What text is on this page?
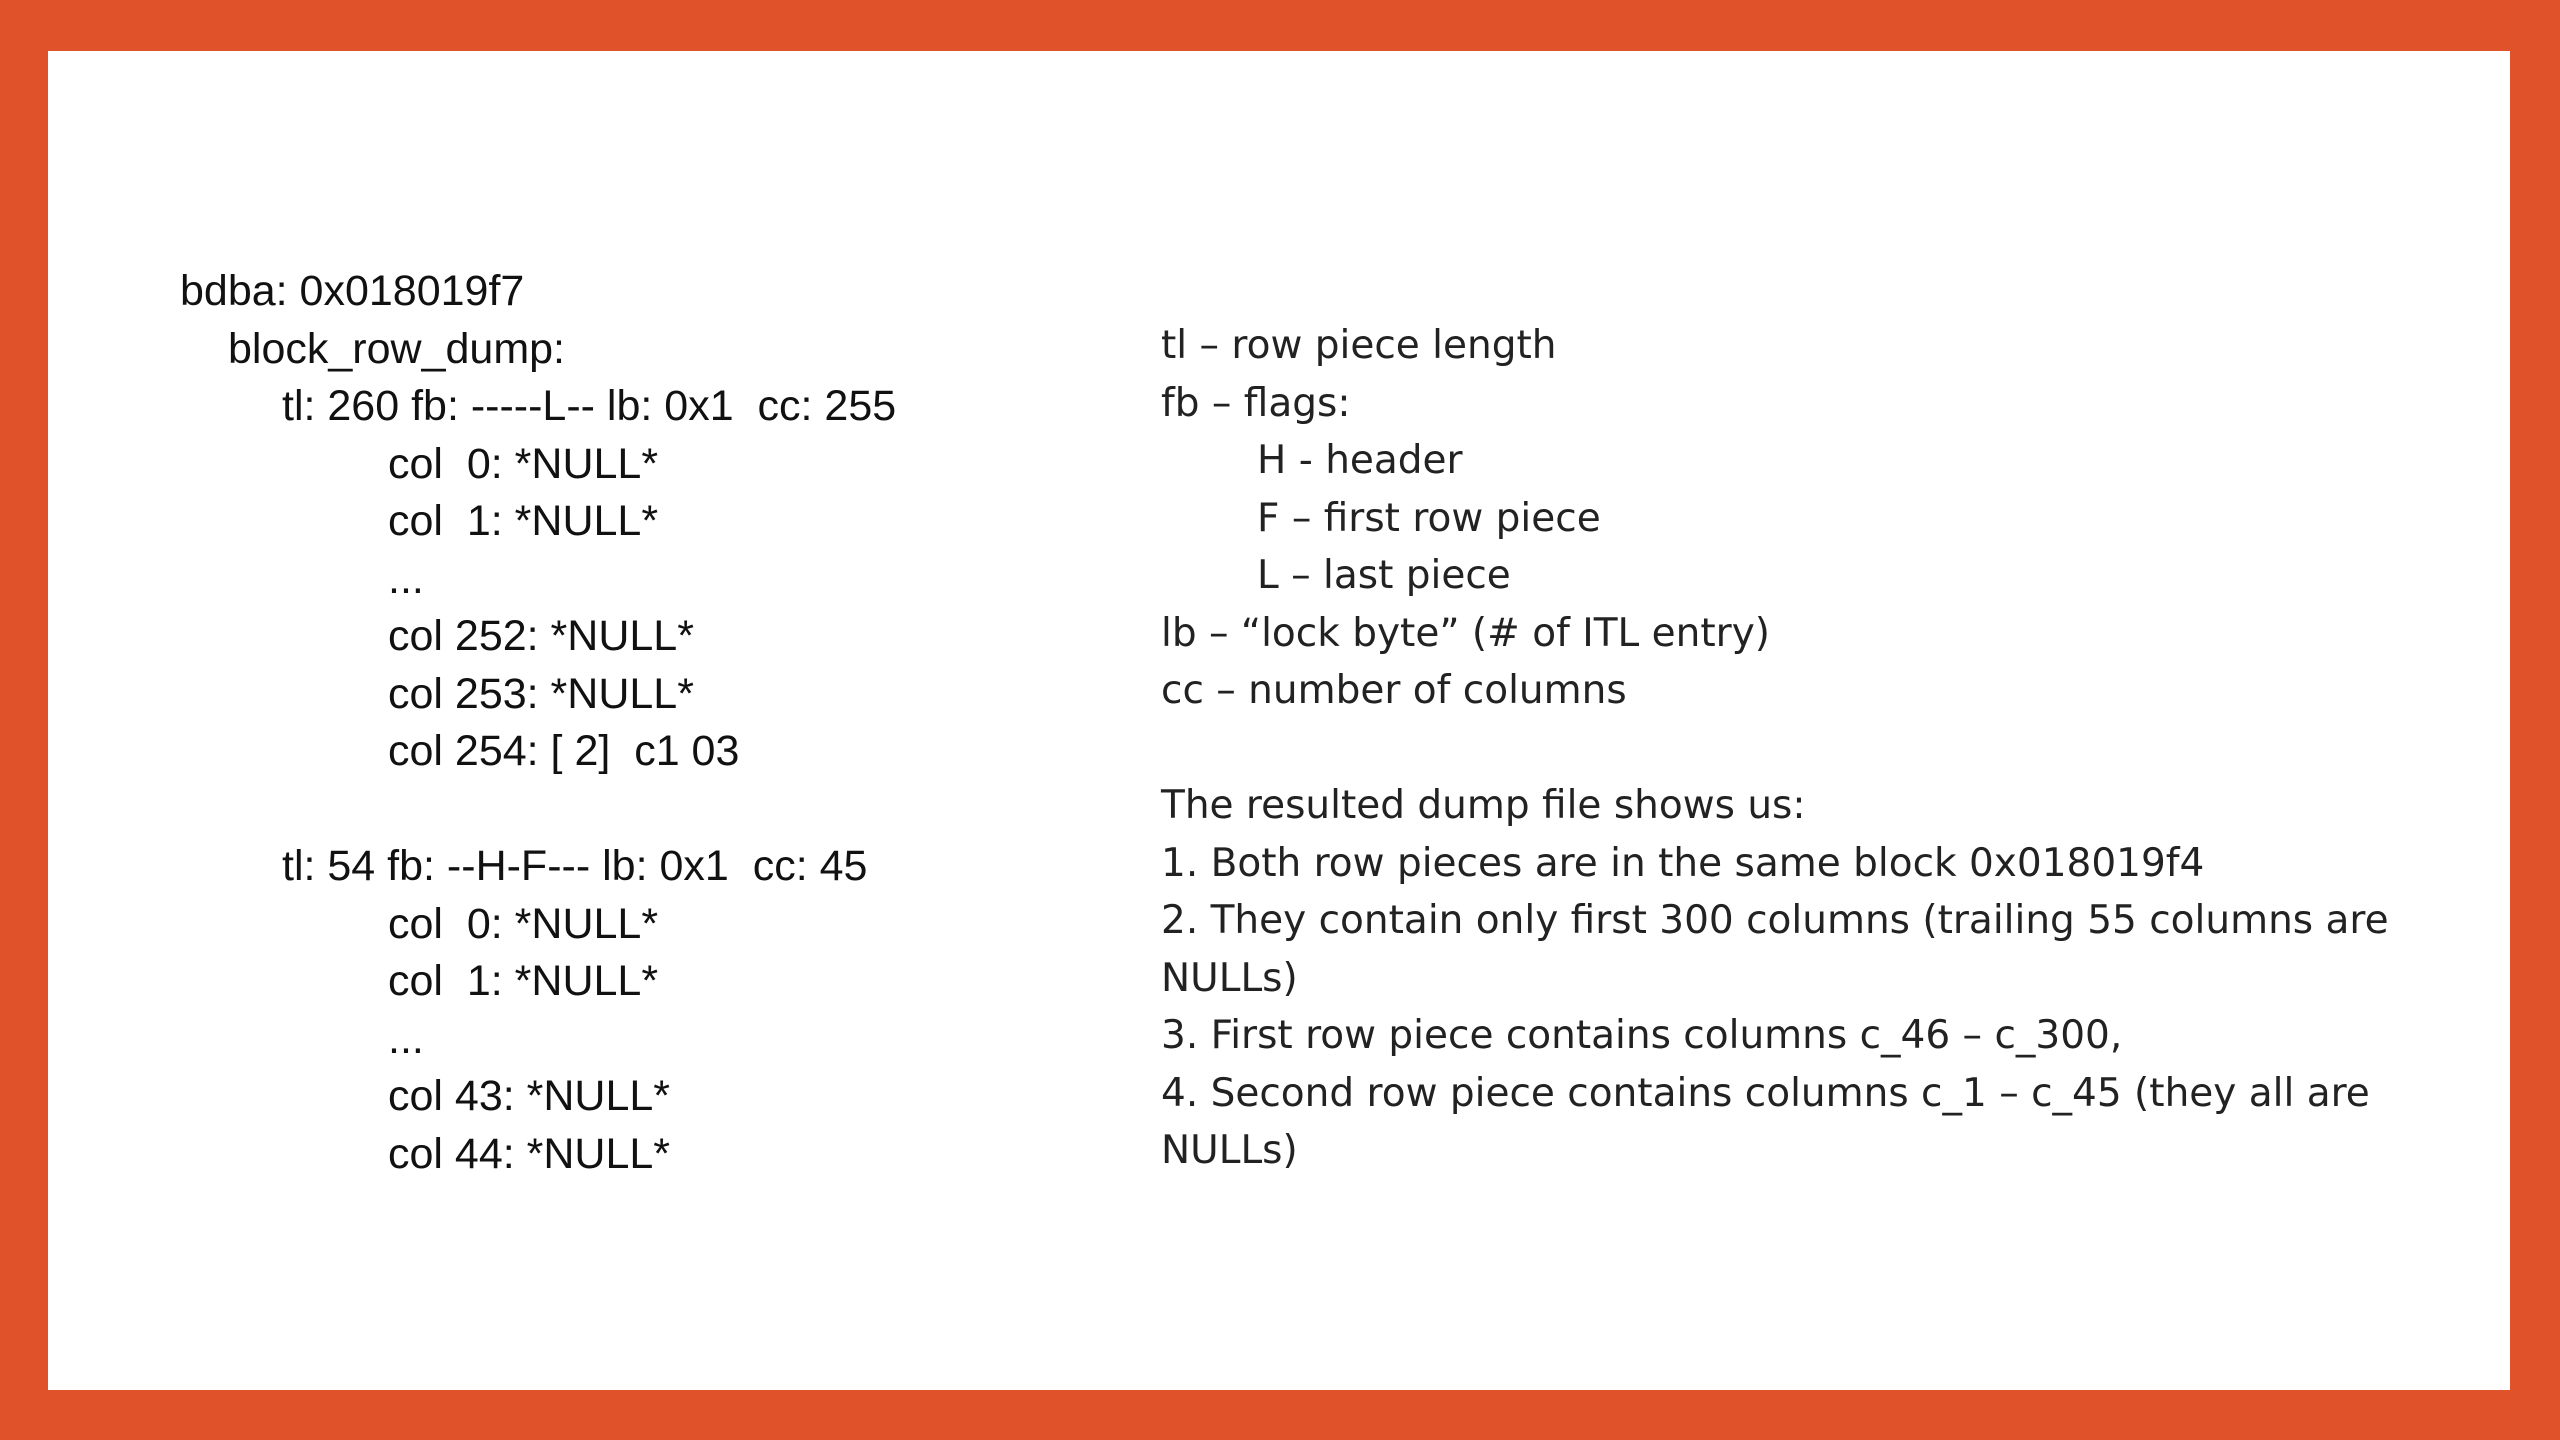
bdba: 0x018019f7
block_row_dump:
tl: 260 fb: -----L-- lb: 0x1  cc: 255
col  0: *NULL*
col  1: *NULL*
...
col 252: *NULL*
col 253: *NULL*
col 254: [ 2]  c1 03
tl: 54 fb: --H-F--- lb: 0x1  cc: 45
col  0: *NULL*
col  1: *NULL*
...
col 43: *NULL*
col 44: *NULL*
tl – row piece length
fb – flags:
H - header
F – first row piece
L – last piece
lb – “lock byte” (# of ITL entry)
cc – number of columns
The resulted dump file shows us:
1. Both row pieces are in the same block 0x018019f4
2. They contain only first 300 columns (trailing 55 columns are NULLs)
3. First row piece contains columns c_46 – c_300,
4. Second row piece contains columns c_1 – c_45 (they all are NULLs)
